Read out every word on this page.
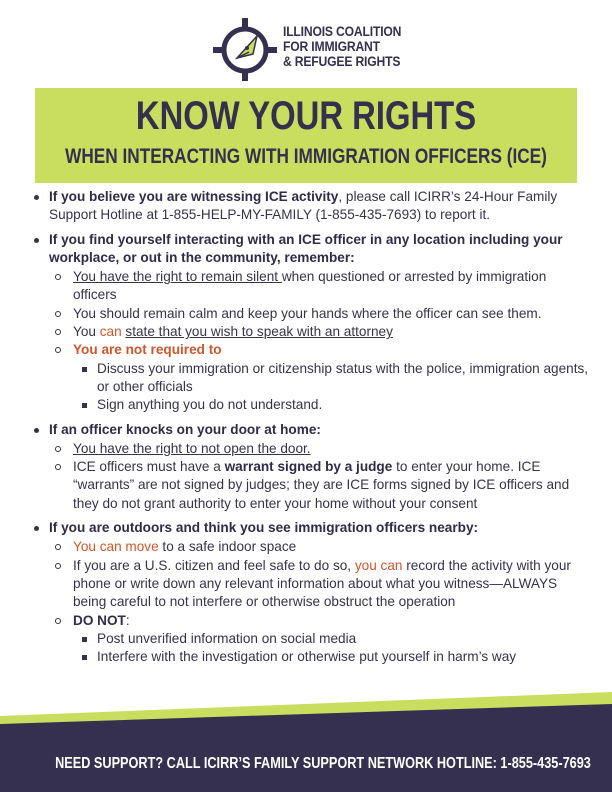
ILLINOIS COALITION
FOR IMMIGRANT
& REFUGEE RIGHTS
KNOW YOUR RIGHTS
WHEN INTERACTING WITH IMMIGRATION OFFICERS (ICE)
If you believe you are witnessing ICE activity, please call ICIRR’s 24-Hour Family Support Hotline at 1-855-HELP-MY-FAMILY (1-855-435-7693) to report it.
If you find yourself interacting with an ICE officer in any location including your workplace, or out in the community, remember:
You have the right to remain silent when questioned or arrested by immigration officers
You should remain calm and keep your hands where the officer can see them.
You can state that you wish to speak with an attorney
You are not required to
Discuss your immigration or citizenship status with the police, immigration agents, or other officials
Sign anything you do not understand.
If an officer knocks on your door at home:
You have the right to not open the door.
ICE officers must have a warrant signed by a judge to enter your home. ICE “warrants” are not signed by judges; they are ICE forms signed by ICE officers and they do not grant authority to enter your home without your consent
If you are outdoors and think you see immigration officers nearby:
You can move to a safe indoor space
If you are a U.S. citizen and feel safe to do so, you can record the activity with your phone or write down any relevant information about what you witness—ALWAYS being careful to not interfere or otherwise obstruct the operation
DO NOT:
Post unverified information on social media
Interfere with the investigation or otherwise put yourself in harm’s way
NEED SUPPORT? CALL ICIRR’S FAMILY SUPPORT NETWORK HOTLINE: 1-855-435-7693
